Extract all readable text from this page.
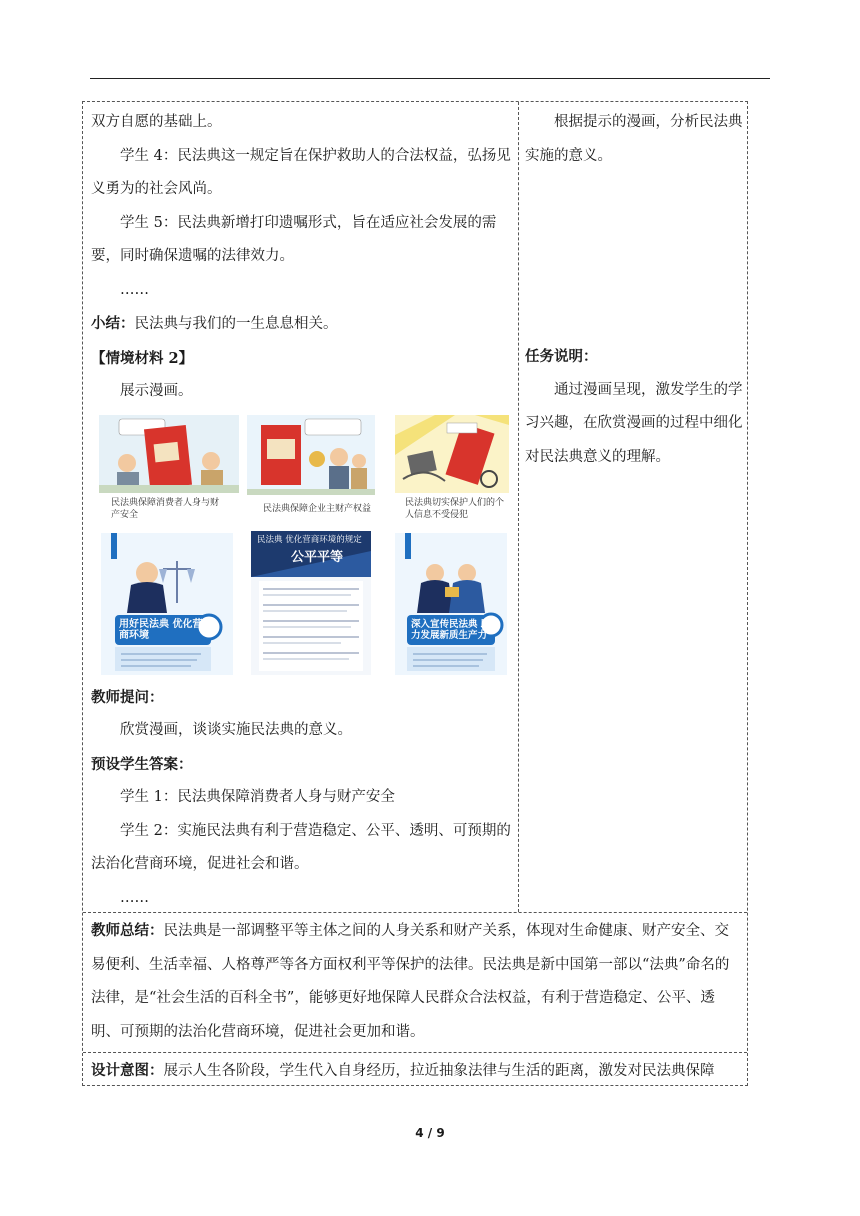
双方自愿的基础上。

学生 4：民法典这一规定旨在保护救助人的合法权益，弘扬见义勇为的社会风尚。

学生 5：民法典新增打印遗嘱形式，旨在适应社会发展的需要，同时确保遗嘱的法律效力。

……

小结：民法典与我们的一生息息相关。

【情境材料 2】

展示漫画。

民法典保障消费者人身与财产安全
民法典保障企业主财产权益
民法典切实保护人们的个人信息不受侵犯
用好民法典 优化营商环境
民法典 优化营商环境的规定
公平平等
深入宣传民法典 助力发展新质生产力

教师提问：

欣赏漫画，谈谈实施民法典的意义。

预设学生答案：

学生 1：民法典保障消费者人身与财产安全

学生 2：实施民法典有利于营造稳定、公平、透明、可预期的法治化营商环境，促进社会和谐。

……

根据提示的漫画，分析民法典实施的意义。

任务说明：

通过漫画呈现，激发学生的学习兴趣，在欣赏漫画的过程中细化对民法典意义的理解。

教师总结：民法典是一部调整平等主体之间的人身关系和财产关系，体现对生命健康、财产安全、交易便利、生活幸福、人格尊严等各方面权利平等保护的法律。民法典是新中国第一部以“法典”命名的法律，是“社会生活的百科全书”，能够更好地保障人民群众合法权益，有利于营造稳定、公平、透明、可预期的法治化营商环境，促进社会更加和谐。
设计意图：展示人生各阶段，学生代入自身经历，拉近抽象法律与生活的距离，激发对民法典保障
4 / 9
